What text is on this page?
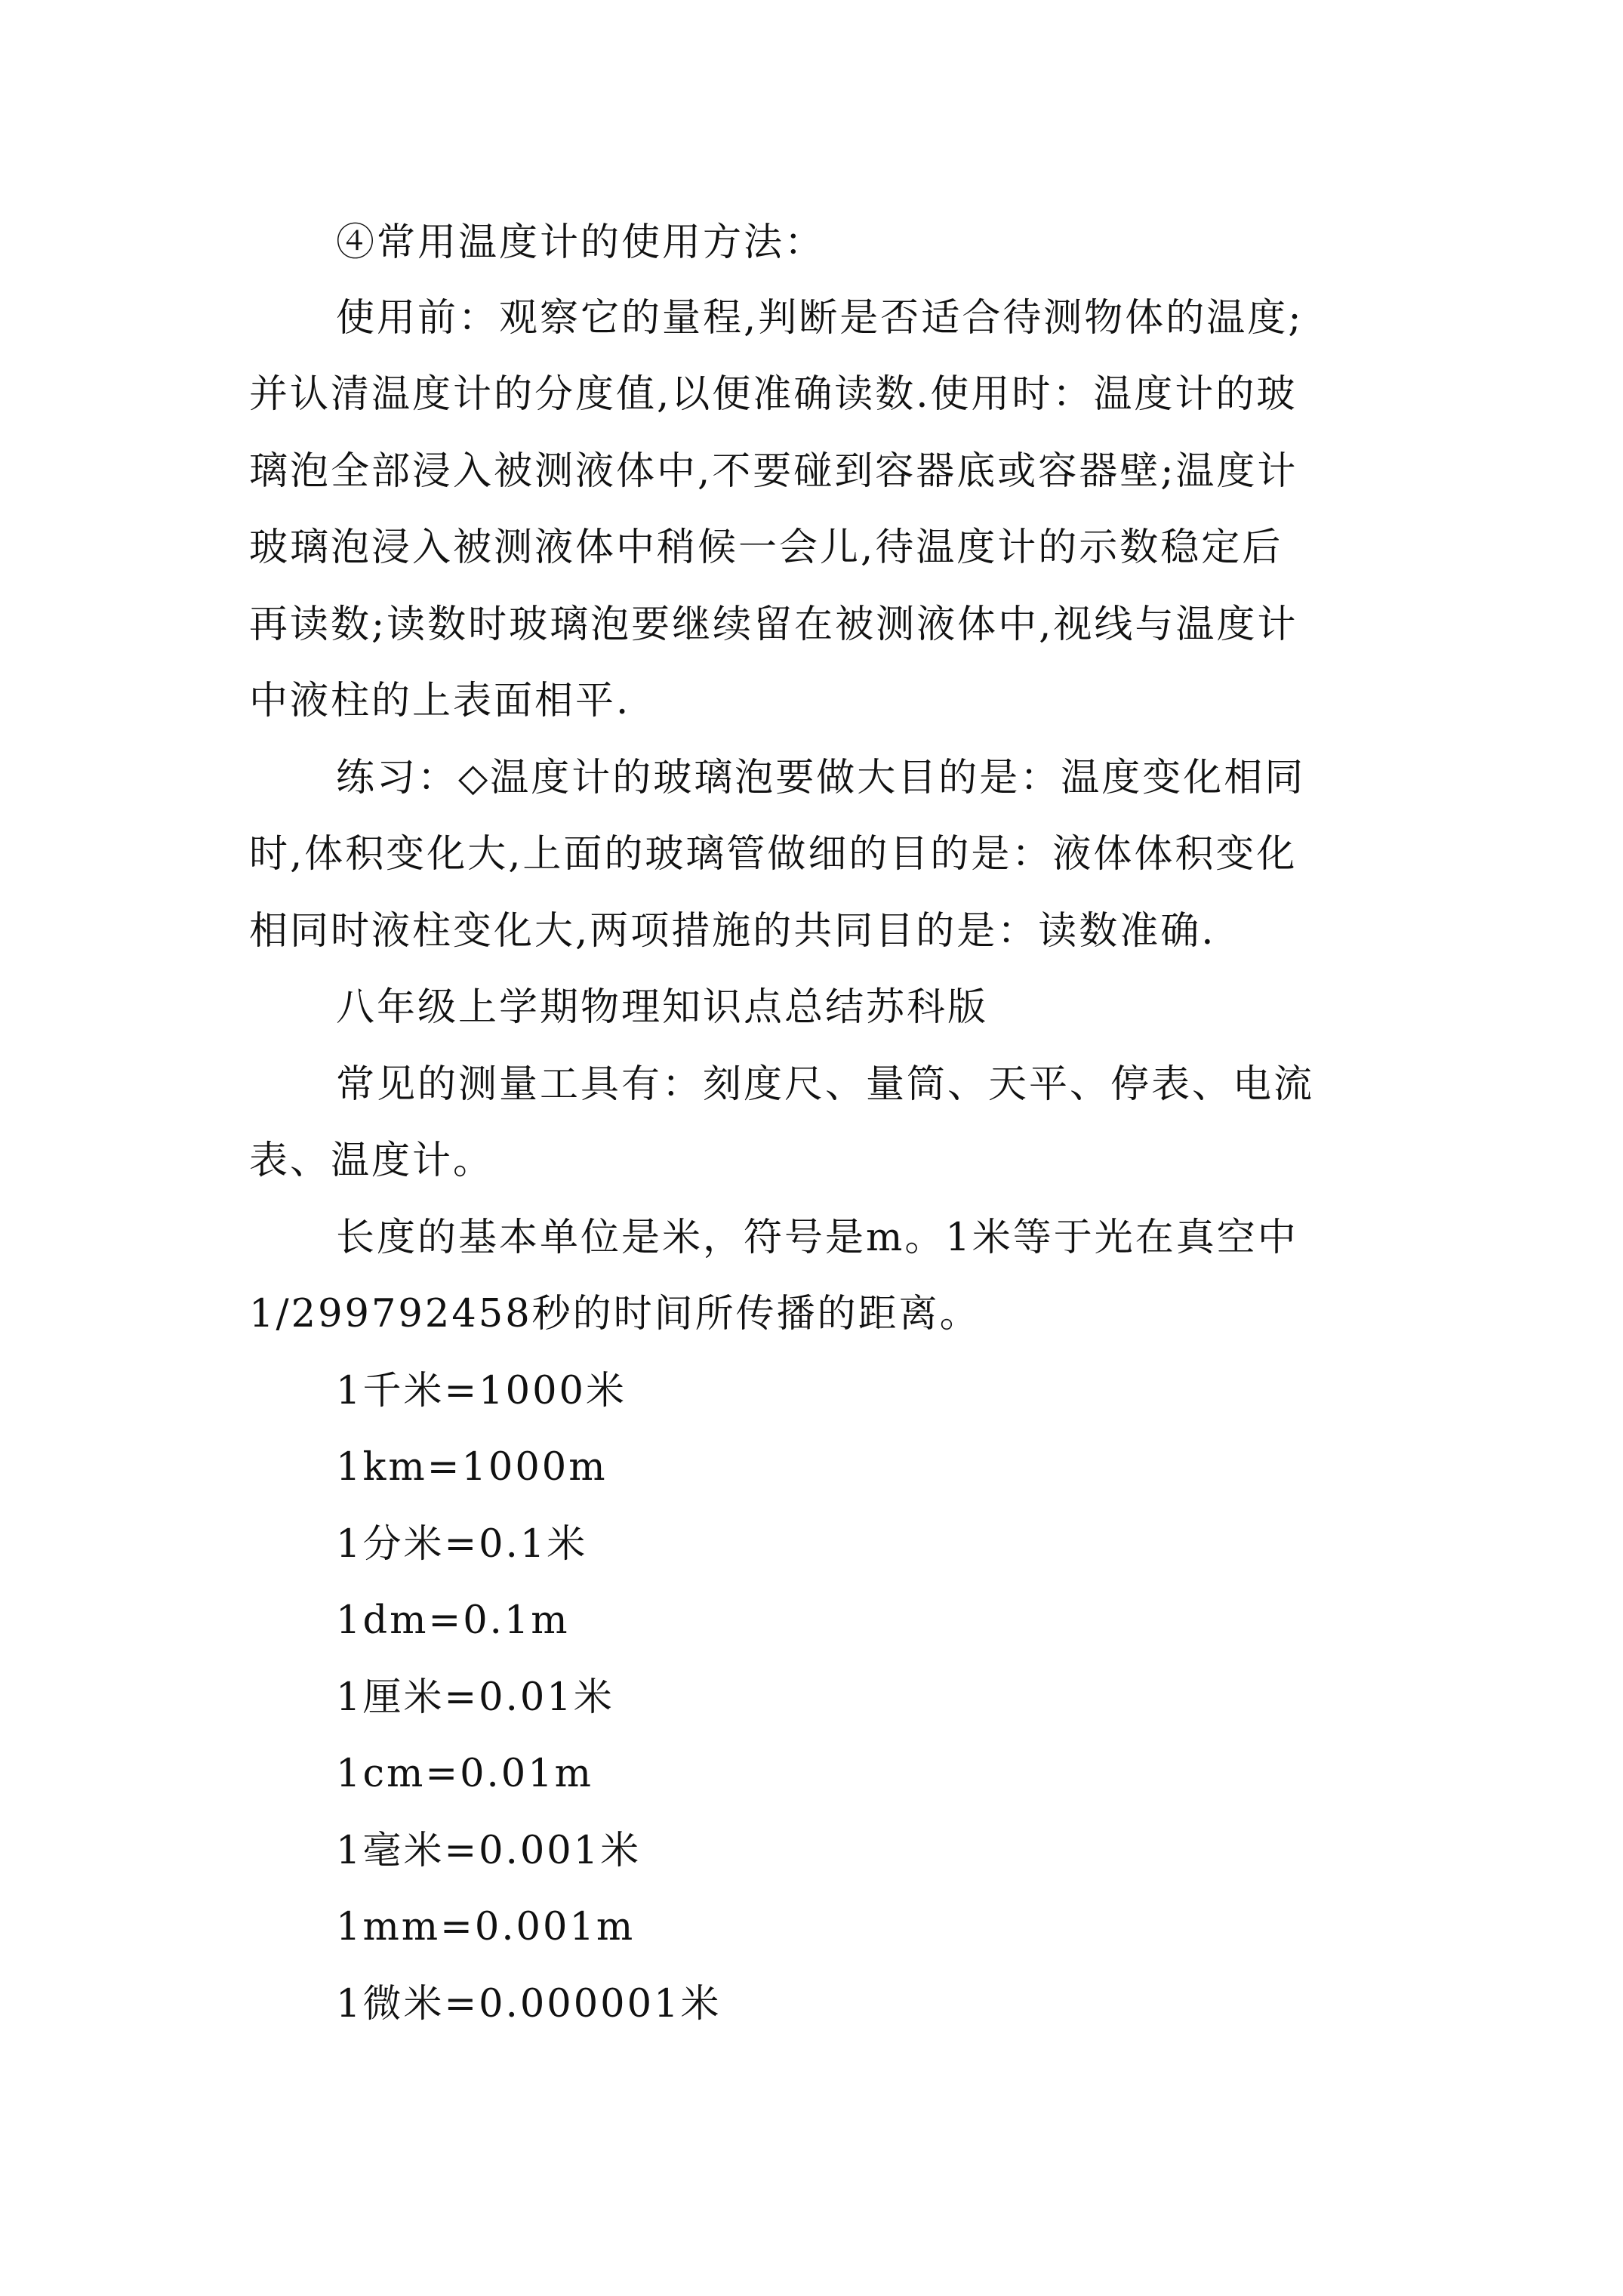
④常用温度计的使用方法：

使用前：观察它的量程,判断是否适合待测物体的温度;

并认清温度计的分度值,以便准确读数.使用时：温度计的玻

璃泡全部浸入被测液体中,不要碰到容器底或容器壁;温度计

玻璃泡浸入被测液体中稍候一会儿,待温度计的示数稳定后

再读数;读数时玻璃泡要继续留在被测液体中,视线与温度计

中液柱的上表面相平.

练习：◇温度计的玻璃泡要做大目的是：温度变化相同

时,体积变化大,上面的玻璃管做细的目的是：液体体积变化

相同时液柱变化大,两项措施的共同目的是：读数准确.

八年级上学期物理知识点总结苏科版

常见的测量工具有：刻度尺、量筒、天平、停表、电流

表、温度计。

长度的基本单位是米，符号是m。1米等于光在真空中

1/299792458秒的时间所传播的距离。

1千米=1000米

1km=1000m

1分米=0.1米

1dm=0.1m

1厘米=0.01米

1cm=0.01m

1毫米=0.001米

1mm=0.001m

1微米=0.000001米
